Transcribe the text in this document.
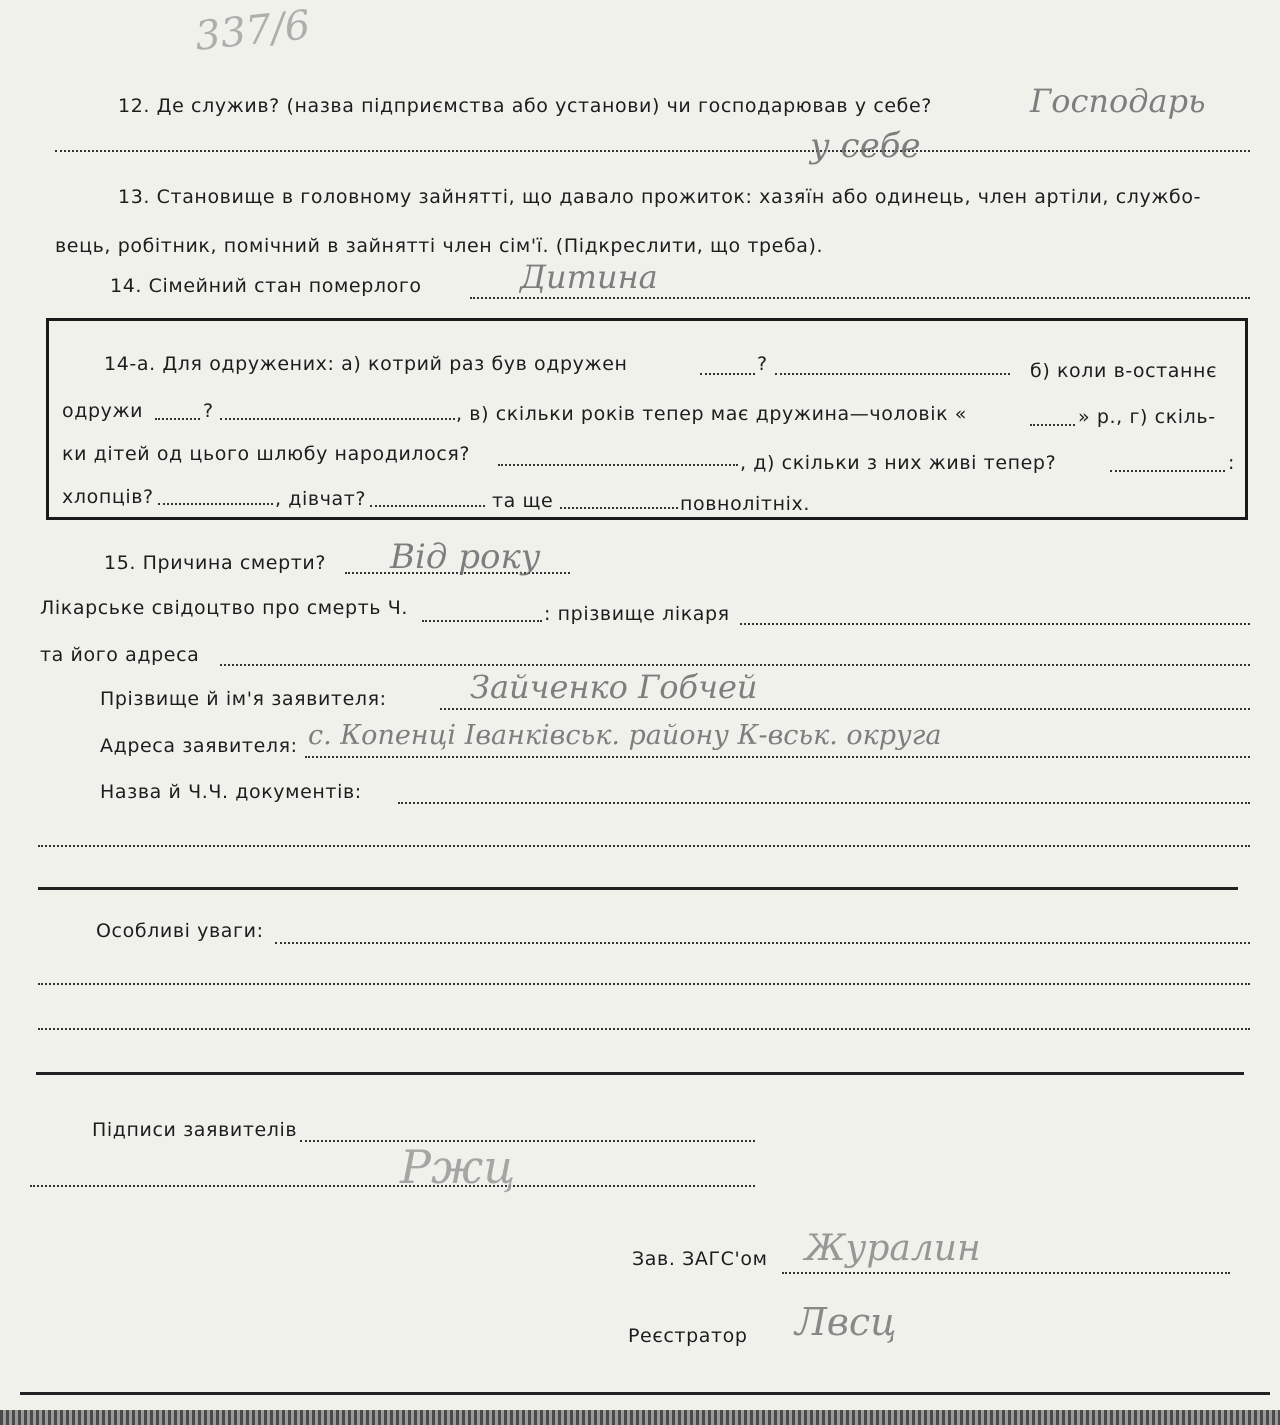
337/6
12. Де служив? (назва підприємства або установи) чи господарював у себе?	Господарь
у себе
13. Становище в головному зайнятті, що давало прожиток: хазяїн або одинець, член артіли, службо-
вець, робітник, помічний в зайнятті член сім'ї. (Підкреслити, що треба).
14. Сімейний стан померлого	Дитина
14-а. Для одружених: а) котрий раз був одружен	?	б) коли в-останнє
одружи	?	, в) скільки років тепер має дружина—чоловік «	» р., г) скіль-
ки дітей од цього шлюбу народилося?	, д) скільки з них живі тепер?	:
хлопців?	, дівчат?	та ще	повнолітніх.
15. Причина смерти? Від року
Лікарське свідоцтво про смерть Ч.	: прізвище лікаря
та його адреса
Прізвище й ім'я заявителя:	Зайченко Гобчей
Адреса заявителя: с. Копенці Іванківськ. району К-вськ. округа
Назва й Ч.Ч. документів:
Особливі уваги:
Підписи заявителів
Ржц
Зав. ЗАГС'ом Журалин
Реєстратор Лвсц
